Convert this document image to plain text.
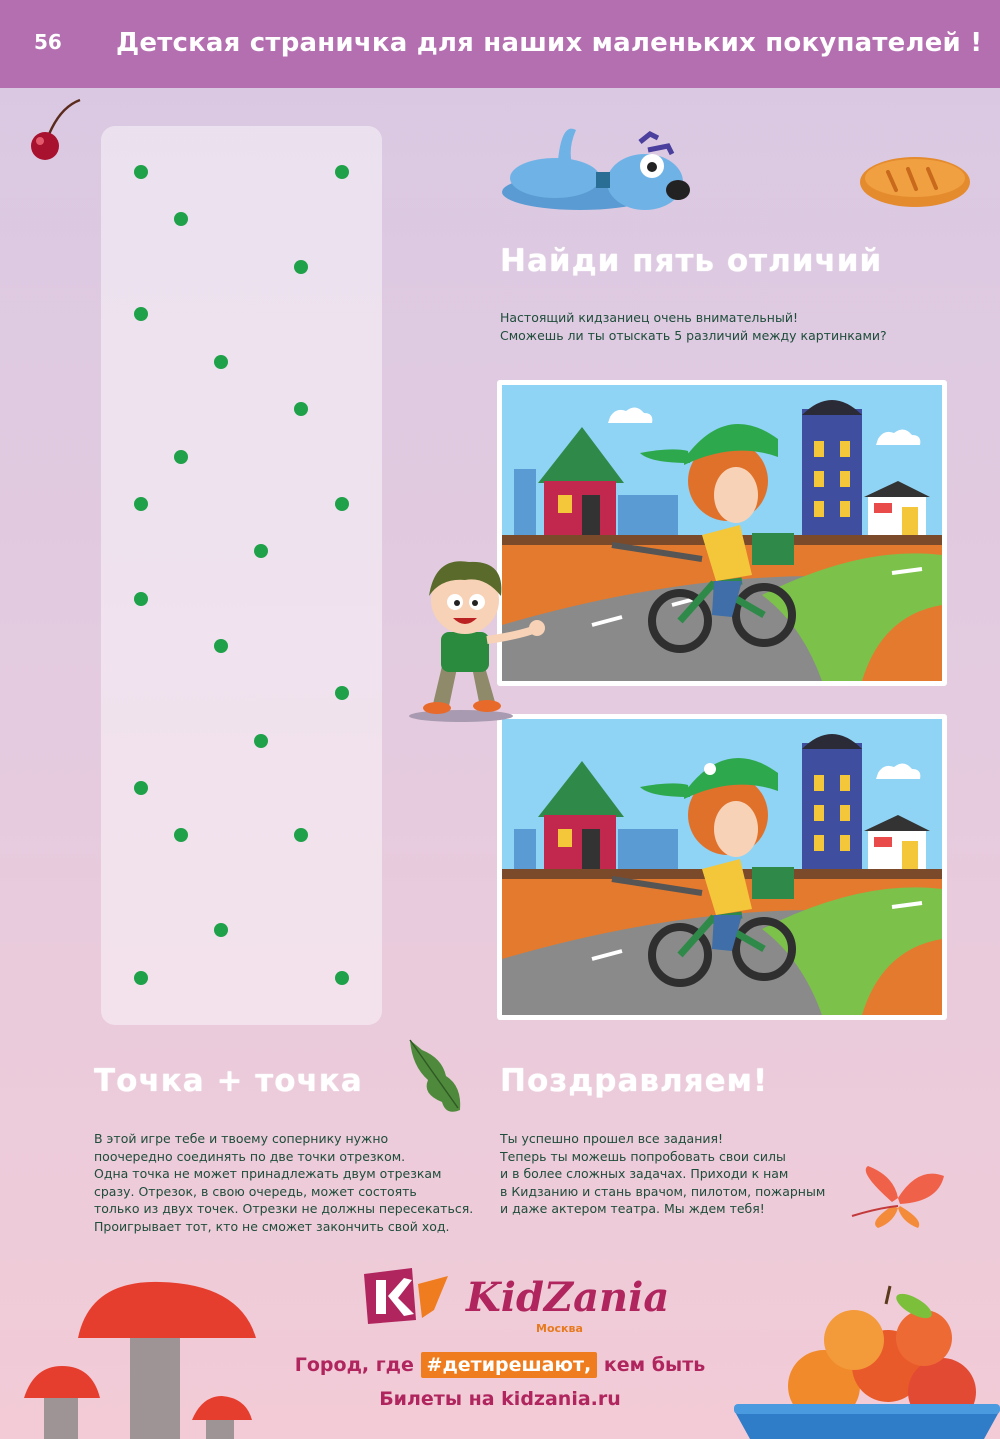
56 Детская страничка для наших маленьких покупателей !
Найди пять отличий
Настоящий кидзаниец очень внимательный!
Сможешь ли ты отыскать 5 различий между картинками?
Точка + точка
В этой игре тебе и твоему сопернику нужно
поочередно соединять по две точки отрезком.
Одна точка не может принадлежать двум отрезкам
сразу. Отрезок, в свою очередь, может состоять
только из двух точек. Отрезки не должны пересекаться.
Проигрывает тот, кто не сможет закончить свой ход.
Поздравляем!
Ты успешно прошел все задания!
Теперь ты можешь попробовать свои силы
и в более сложных задачах. Приходи к нам
в Кидзанию и стань врачом, пилотом, пожарным
и даже актером театра. Мы ждем тебя!
KidZania
Москва
Город, где #детирешают, кем быть
Билеты на kidzania.ru
